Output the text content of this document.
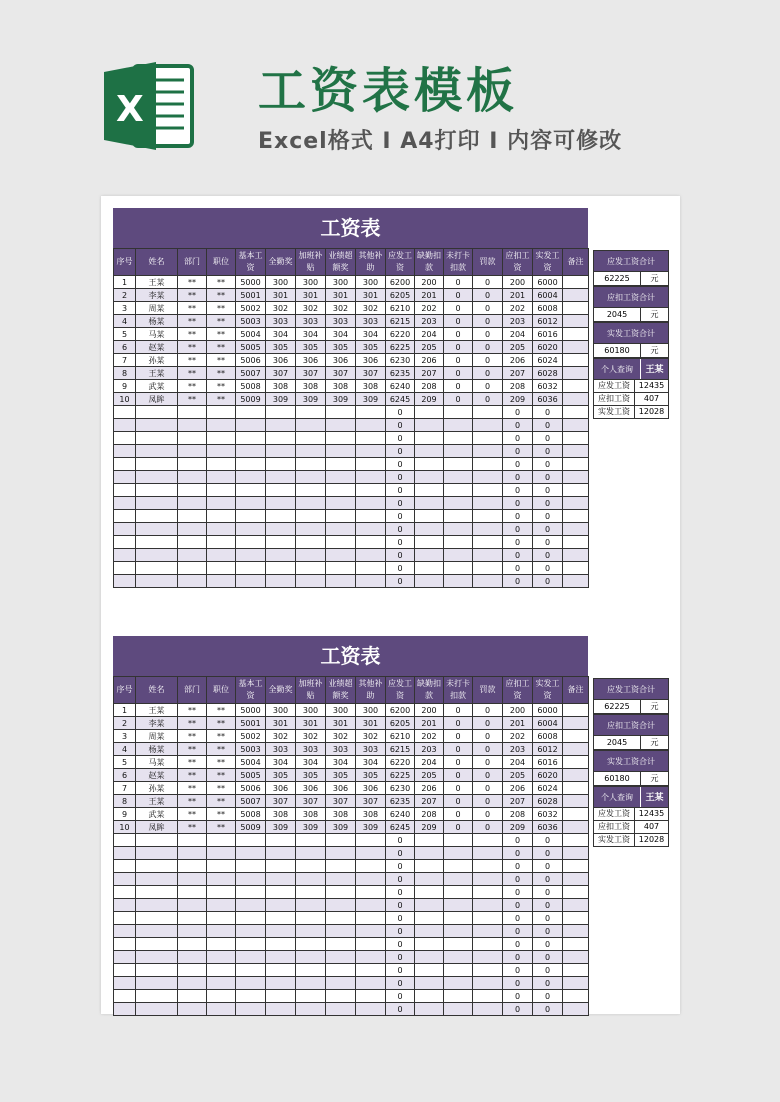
X 工资表模板
Excel格式 I A4打印 I 内容可修改
工资表
序号	姓名	部门	职位	基本工资	全勤奖	加班补贴	业绩超额奖	其他补助	应发工资	缺勤扣款	未打卡扣款	罚款	应扣工资	实发工资	备注
1	王某	**	**	5000	300	300	300	300	6200	200	0	0	200	6000	
2	李某	**	**	5001	301	301	301	301	6205	201	0	0	201	6004	
3	周某	**	**	5002	302	302	302	302	6210	202	0	0	202	6008	
4	杨某	**	**	5003	303	303	303	303	6215	203	0	0	203	6012	
5	马某	**	**	5004	304	304	304	304	6220	204	0	0	204	6016	
6	赵某	**	**	5005	305	305	305	305	6225	205	0	0	205	6020	
7	孙某	**	**	5006	306	306	306	306	6230	206	0	0	206	6024	
8	王某	**	**	5007	307	307	307	307	6235	207	0	0	207	6028	
9	武某	**	**	5008	308	308	308	308	6240	208	0	0	208	6032	
10	凤眸	**	**	5009	309	309	309	309	6245	209	0	0	209	6036	
									0				0	0	
									0				0	0	
									0				0	0	
									0				0	0	
									0				0	0	
									0				0	0	
									0				0	0	
									0				0	0	
									0				0	0	
									0				0	0	
									0				0	0	
									0				0	0	
									0				0	0	
									0				0	0	
应发工资合计
62225	元
应扣工资合计
2045	元
实发工资合计
60180	元
个人查询	王某
应发工资	12435
应扣工资	407
实发工资	12028
工资表
序号	姓名	部门	职位	基本工资	全勤奖	加班补贴	业绩超额奖	其他补助	应发工资	缺勤扣款	未打卡扣款	罚款	应扣工资	实发工资	备注
1	王某	**	**	5000	300	300	300	300	6200	200	0	0	200	6000	
2	李某	**	**	5001	301	301	301	301	6205	201	0	0	201	6004	
3	周某	**	**	5002	302	302	302	302	6210	202	0	0	202	6008	
4	杨某	**	**	5003	303	303	303	303	6215	203	0	0	203	6012	
5	马某	**	**	5004	304	304	304	304	6220	204	0	0	204	6016	
6	赵某	**	**	5005	305	305	305	305	6225	205	0	0	205	6020	
7	孙某	**	**	5006	306	306	306	306	6230	206	0	0	206	6024	
8	王某	**	**	5007	307	307	307	307	6235	207	0	0	207	6028	
9	武某	**	**	5008	308	308	308	308	6240	208	0	0	208	6032	
10	凤眸	**	**	5009	309	309	309	309	6245	209	0	0	209	6036	
									0				0	0	
									0				0	0	
									0				0	0	
									0				0	0	
									0				0	0	
									0				0	0	
									0				0	0	
									0				0	0	
									0				0	0	
									0				0	0	
									0				0	0	
									0				0	0	
									0				0	0	
									0				0	0	
应发工资合计
62225	元
应扣工资合计
2045	元
实发工资合计
60180	元
个人查询	王某
应发工资	12435
应扣工资	407
实发工资	12028
